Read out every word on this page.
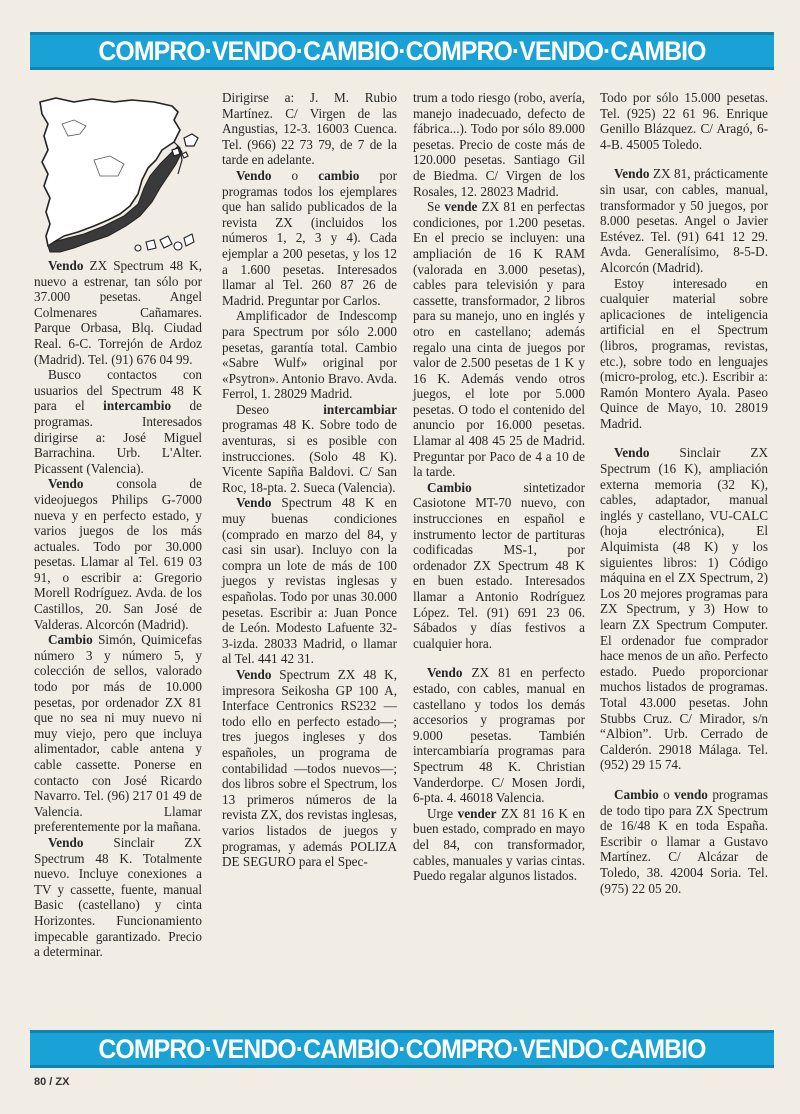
COMPRO·VENDO·CAMBIO·COMPRO·VENDO·CAMBIO

Vendo ZX Spectrum 48 K, nuevo a estrenar, tan sólo por 37.000 pesetas. Angel Colmenares Cañamares. Parque Orbasa, Blq. Ciudad Real. 6-C. Torrejón de Ardoz (Madrid). Tel. (91) 676 04 99.

Busco contactos con usuarios del Spectrum 48 K para el intercambio de programas. Interesados dirigirse a: José Miguel Barrachina. Urb. L'Alter. Picassent (Valencia).

Vendo consola de videojuegos Philips G-7000 nueva y en perfecto estado, y varios juegos de los más actuales. Todo por 30.000 pesetas. Llamar al Tel. 619 03 91, o escribir a: Gregorio Morell Rodríguez. Avda. de los Castillos, 20. San José de Valderas. Alcorcón (Madrid).

Cambio Simón, Quimicefas número 3 y número 5, y colección de sellos, valorado todo por más de 10.000 pesetas, por ordenador ZX 81 que no sea ni muy nuevo ni muy viejo, pero que incluya alimentador, cable antena y cable cassette. Ponerse en contacto con José Ricardo Navarro. Tel. (96) 217 01 49 de Valencia. Llamar preferentemente por la mañana.

Vendo Sinclair ZX Spectrum 48 K. Totalmente nuevo. Incluye conexiones a TV y cassette, fuente, manual Basic (castellano) y cinta Horizontes. Funcionamiento impecable garantizado. Precio a determinar.

Dirigirse a: J. M. Rubio Martínez. C/ Virgen de las Angustias, 12-3. 16003 Cuenca. Tel. (966) 22 73 79, de 7 de la tarde en adelante.

Vendo o cambio por programas todos los ejemplares que han salido publicados de la revista ZX (incluidos los números 1, 2, 3 y 4). Cada ejemplar a 200 pesetas, y los 12 a 1.600 pesetas. Interesados llamar al Tel. 260 87 26 de Madrid. Preguntar por Carlos.

Amplificador de Indescomp para Spectrum por sólo 2.000 pesetas, garantía total. Cambio «Sabre Wulf» original por «Psytron». Antonio Bravo. Avda. Ferrol, 1. 28029 Madrid.

Deseo intercambiar programas 48 K. Sobre todo de aventuras, si es posible con instrucciones. (Solo 48 K). Vicente Sapiña Baldovi. C/ San Roc, 18-pta. 2. Sueca (Valencia).

Vendo Spectrum 48 K en muy buenas condiciones (comprado en marzo del 84, y casi sin usar). Incluyo con la compra un lote de más de 100 juegos y revistas inglesas y españolas. Todo por unas 30.000 pesetas. Escribir a: Juan Ponce de León. Modesto Lafuente 32-3-izda. 28033 Madrid, o llamar al Tel. 441 42 31.

Vendo Spectrum ZX 48 K, impresora Seikosha GP 100 A, Interface Centronics RS232 —todo ello en perfecto estado—; tres juegos ingleses y dos españoles, un programa de contabilidad —todos nuevos—; dos libros sobre el Spectrum, los 13 primeros números de la revista ZX, dos revistas inglesas, varios listados de juegos y programas, y además POLIZA DE SEGURO para el Spec-

trum a todo riesgo (robo, avería, manejo inadecuado, defecto de fábrica...). Todo por sólo 89.000 pesetas. Precio de coste más de 120.000 pesetas. Santiago Gil de Biedma. C/ Virgen de los Rosales, 12. 28023 Madrid.

Se vende ZX 81 en perfectas condiciones, por 1.200 pesetas. En el precio se incluyen: una ampliación de 16 K RAM (valorada en 3.000 pesetas), cables para televisión y para cassette, transformador, 2 libros para su manejo, uno en inglés y otro en castellano; además regalo una cinta de juegos por valor de 2.500 pesetas de 1 K y 16 K. Además vendo otros juegos, el lote por 5.000 pesetas. O todo el contenido del anuncio por 16.000 pesetas. Llamar al 408 45 25 de Madrid. Preguntar por Paco de 4 a 10 de la tarde.

Cambio sintetizador Casiotone MT-70 nuevo, con instrucciones en español e instrumento lector de partituras codificadas MS-1, por ordenador ZX Spectrum 48 K en buen estado. Interesados llamar a Antonio Rodríguez López. Tel. (91) 691 23 06. Sábados y días festivos a cualquier hora.

Vendo ZX 81 en perfecto estado, con cables, manual en castellano y todos los demás accesorios y programas por 9.000 pesetas. También intercambiaría programas para Spectrum 48 K. Christian Vanderdorpe. C/ Mosen Jordi, 6-pta. 4. 46018 Valencia.

Urge vender ZX 81 16 K en buen estado, comprado en mayo del 84, con transformador, cables, manuales y varias cintas. Puedo regalar algunos listados.

Todo por sólo 15.000 pesetas. Tel. (925) 22 61 96. Enrique Genillo Blázquez. C/ Aragó, 6-4-B. 45005 Toledo.

Vendo ZX 81, prácticamente sin usar, con cables, manual, transformador y 50 juegos, por 8.000 pesetas. Angel o Javier Estévez. Tel. (91) 641 12 29. Avda. Generalísimo, 8-5-D. Alcorcón (Madrid).

Estoy interesado en cualquier material sobre aplicaciones de inteligencia artificial en el Spectrum (libros, programas, revistas, etc.), sobre todo en lenguajes (micro-prolog, etc.). Escribir a: Ramón Montero Ayala. Paseo Quince de Mayo, 10. 28019 Madrid.

Vendo Sinclair ZX Spectrum (16 K), ampliación externa memoria (32 K), cables, adaptador, manual inglés y castellano, VU-CALC (hoja electrónica), El Alquimista (48 K) y los siguientes libros: 1) Código máquina en el ZX Spectrum, 2) Los 20 mejores programas para ZX Spectrum, y 3) How to learn ZX Spectrum Computer. El ordenador fue comprador hace menos de un año. Perfecto estado. Puedo proporcionar muchos listados de programas. Total 43.000 pesetas. John Stubbs Cruz. C/ Mirador, s/n “Albion”. Urb. Cerrado de Calderón. 29018 Málaga. Tel. (952) 29 15 74.

Cambio o vendo programas de todo tipo para ZX Spectrum de 16/48 K en toda España. Escribir o llamar a Gustavo Martínez. C/ Alcázar de Toledo, 38. 42004 Soria. Tel. (975) 22 05 20.

COMPRO·VENDO·CAMBIO·COMPRO·VENDO·CAMBIO
80 / ZX
